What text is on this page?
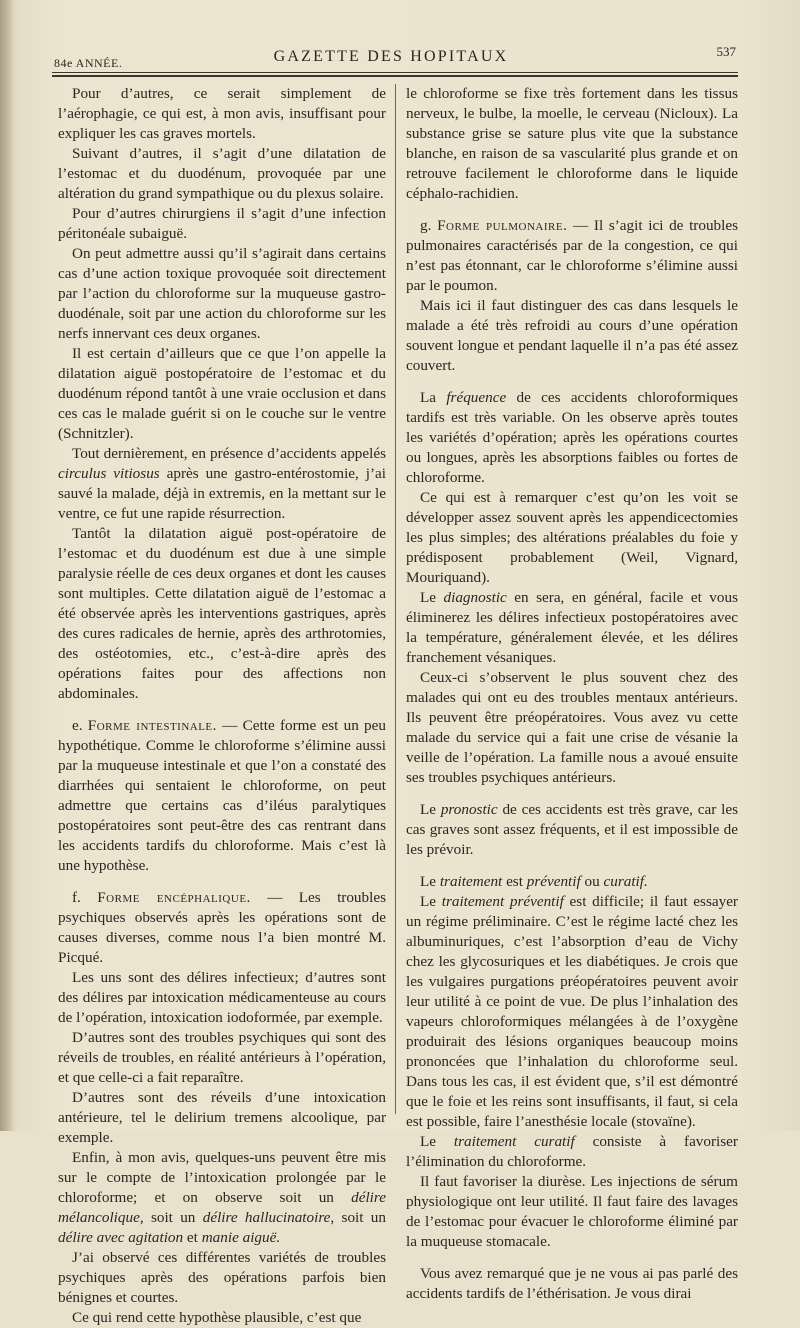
84e ANNÉE.	GAZETTE DES HOPITAUX	537

Pour d’autres, ce serait simplement de l’aérophagie, ce qui est, à mon avis, insuffisant pour expliquer les cas graves mortels.

Suivant d’autres, il s’agit d’une dilatation de l’estomac et du duodénum, provoquée par une altération du grand sympathique ou du plexus solaire.

Pour d’autres chirurgiens il s’agit d’une infection péritonéale subaiguë.

On peut admettre aussi qu’il s’agirait dans certains cas d’une action toxique provoquée soit directement par l’action du chloroforme sur la muqueuse gastro-duodénale, soit par une action du chloroforme sur les nerfs innervant ces deux organes.

Il est certain d’ailleurs que ce que l’on appelle la dilatation aiguë postopératoire de l’estomac et du duodénum répond tantôt à une vraie occlusion et dans ces cas le malade guérit si on le couche sur le ventre (Schnitzler).

Tout dernièrement, en présence d’accidents appelés circulus vitiosus après une gastro-entérostomie, j’ai sauvé la malade, déjà in extremis, en la mettant sur le ventre, ce fut une rapide résurrection.

Tantôt la dilatation aiguë post-opératoire de l’estomac et du duodénum est due à une simple paralysie réelle de ces deux organes et dont les causes sont multiples. Cette dilatation aiguë de l’estomac a été observée après les interventions gastriques, après des cures radicales de hernie, après des arthrotomies, des ostéotomies, etc., c’est-à-dire après des opérations faites pour des affections non abdominales.

e. Forme intestinale. — Cette forme est un peu hypothétique. Comme le chloroforme s’élimine aussi par la muqueuse intestinale et que l’on a constaté des diarrhées qui sentaient le chloroforme, on peut admettre que certains cas d’iléus paralytiques postopératoires sont peut-être des cas rentrant dans les accidents tardifs du chloroforme. Mais c’est là une hypothèse.

f. Forme encéphalique. — Les troubles psychiques observés après les opérations sont de causes diverses, comme nous l’a bien montré M. Picqué.

Les uns sont des délires infectieux; d’autres sont des délires par intoxication médicamenteuse au cours de l’opération, intoxication iodoformée, par exemple.

D’autres sont des troubles psychiques qui sont des réveils de troubles, en réalité antérieurs à l’opération, et que celle-ci a fait reparaître.

D’autres sont des réveils d’une intoxication antérieure, tel le delirium tremens alcoolique, par exemple.

Enfin, à mon avis, quelques-uns peuvent être mis sur le compte de l’intoxication prolongée par le chloroforme; et on observe soit un délire mélancolique, soit un délire hallucinatoire, soit un délire avec agitation et manie aiguë.

J’ai observé ces différentes variétés de troubles psychiques après des opérations parfois bien bénignes et courtes.

Ce qui rend cette hypothèse plausible, c’est que

le chloroforme se fixe très fortement dans les tissus nerveux, le bulbe, la moelle, le cerveau (Nicloux). La substance grise se sature plus vite que la substance blanche, en raison de sa vascularité plus grande et on retrouve facilement le chloroforme dans le liquide céphalo-rachidien.

g. Forme pulmonaire. — Il s’agit ici de troubles pulmonaires caractérisés par de la congestion, ce qui n’est pas étonnant, car le chloroforme s’élimine aussi par le poumon.

Mais ici il faut distinguer des cas dans lesquels le malade a été très refroidi au cours d’une opération souvent longue et pendant laquelle il n’a pas été assez couvert.

La fréquence de ces accidents chloroformiques tardifs est très variable. On les observe après toutes les variétés d’opération; après les opérations courtes ou longues, après les absorptions faibles ou fortes de chloroforme.

Ce qui est à remarquer c’est qu’on les voit se développer assez souvent après les appendicectomies les plus simples; des altérations préalables du foie y prédisposent probablement (Weil, Vignard, Mouriquand).

Le diagnostic en sera, en général, facile et vous éliminerez les délires infectieux postopératoires avec la température, généralement élevée, et les délires franchement vésaniques.

Ceux-ci s’observent le plus souvent chez des malades qui ont eu des troubles mentaux antérieurs. Ils peuvent être préopératoires. Vous avez vu cette malade du service qui a fait une crise de vésanie la veille de l’opération. La famille nous a avoué ensuite ses troubles psychiques antérieurs.

Le pronostic de ces accidents est très grave, car les cas graves sont assez fréquents, et il est impossible de les prévoir.

Le traitement est préventif ou curatif.

Le traitement préventif est difficile; il faut essayer un régime préliminaire. C’est le régime lacté chez les albuminuriques, c’est l’absorption d’eau de Vichy chez les glycosuriques et les diabétiques. Je crois que les vulgaires purgations préopératoires peuvent avoir leur utilité à ce point de vue. De plus l’inhalation des vapeurs chloroformiques mélangées à de l’oxygène produirait des lésions organiques beaucoup moins prononcées que l’inhalation du chloroforme seul. Dans tous les cas, il est évident que, s’il est démontré que le foie et les reins sont insuffisants, il faut, si cela est possible, faire l’anesthésie locale (stovaïne).

Le traitement curatif consiste à favoriser l’élimination du chloroforme.

Il faut favoriser la diurèse. Les injections de sérum physiologique ont leur utilité. Il faut faire des lavages de l’estomac pour évacuer le chloroforme éliminé par la muqueuse stomacale.

Vous avez remarqué que je ne vous ai pas parlé des accidents tardifs de l’éthérisation. Je vous dirai
